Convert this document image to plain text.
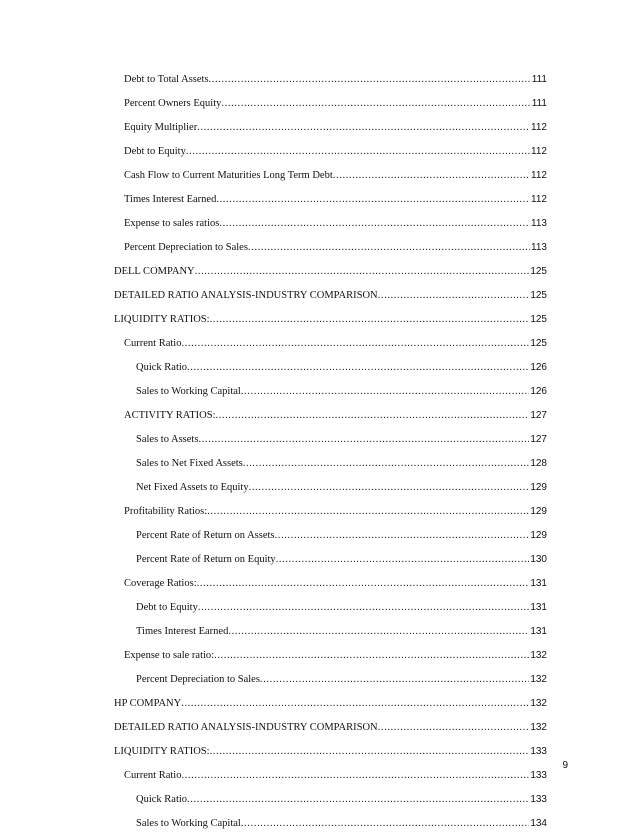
Debt to Total Assets .....	111
Percent Owners Equity .....	111
Equity Multiplier .....	112
Debt to Equity .....	112
Cash Flow to Current Maturities Long Term Debt .....	112
Times Interest Earned .....	112
Expense to sales ratios .....	113
Percent Depreciation to Sales .....	113
DELL COMPANY .....	125
DETAILED RATIO ANALYSIS-INDUSTRY COMPARISON .....	125
LIQUIDITY RATIOS: .....	125
Current Ratio .....	125
Quick Ratio .....	126
Sales to Working Capital .....	126
ACTIVITY RATIOS: .....	127
Sales to Assets .....	127
Sales to Net Fixed Assets .....	128
Net Fixed Assets to Equity .....	129
Profitability Ratios: .....	129
Percent Rate of Return on Assets .....	129
Percent Rate of Return on Equity .....	130
Coverage Ratios: .....	131
Debt to Equity .....	131
Times Interest Earned .....	131
Expense to sale ratio: .....	132
Percent Depreciation to Sales .....	132
HP COMPANY .....	132
DETAILED RATIO ANALYSIS-INDUSTRY COMPARISON .....	132
LIQUIDITY RATIOS: .....	133
Current Ratio .....	133
Quick Ratio .....	133
Sales to Working Capital .....	134
9
